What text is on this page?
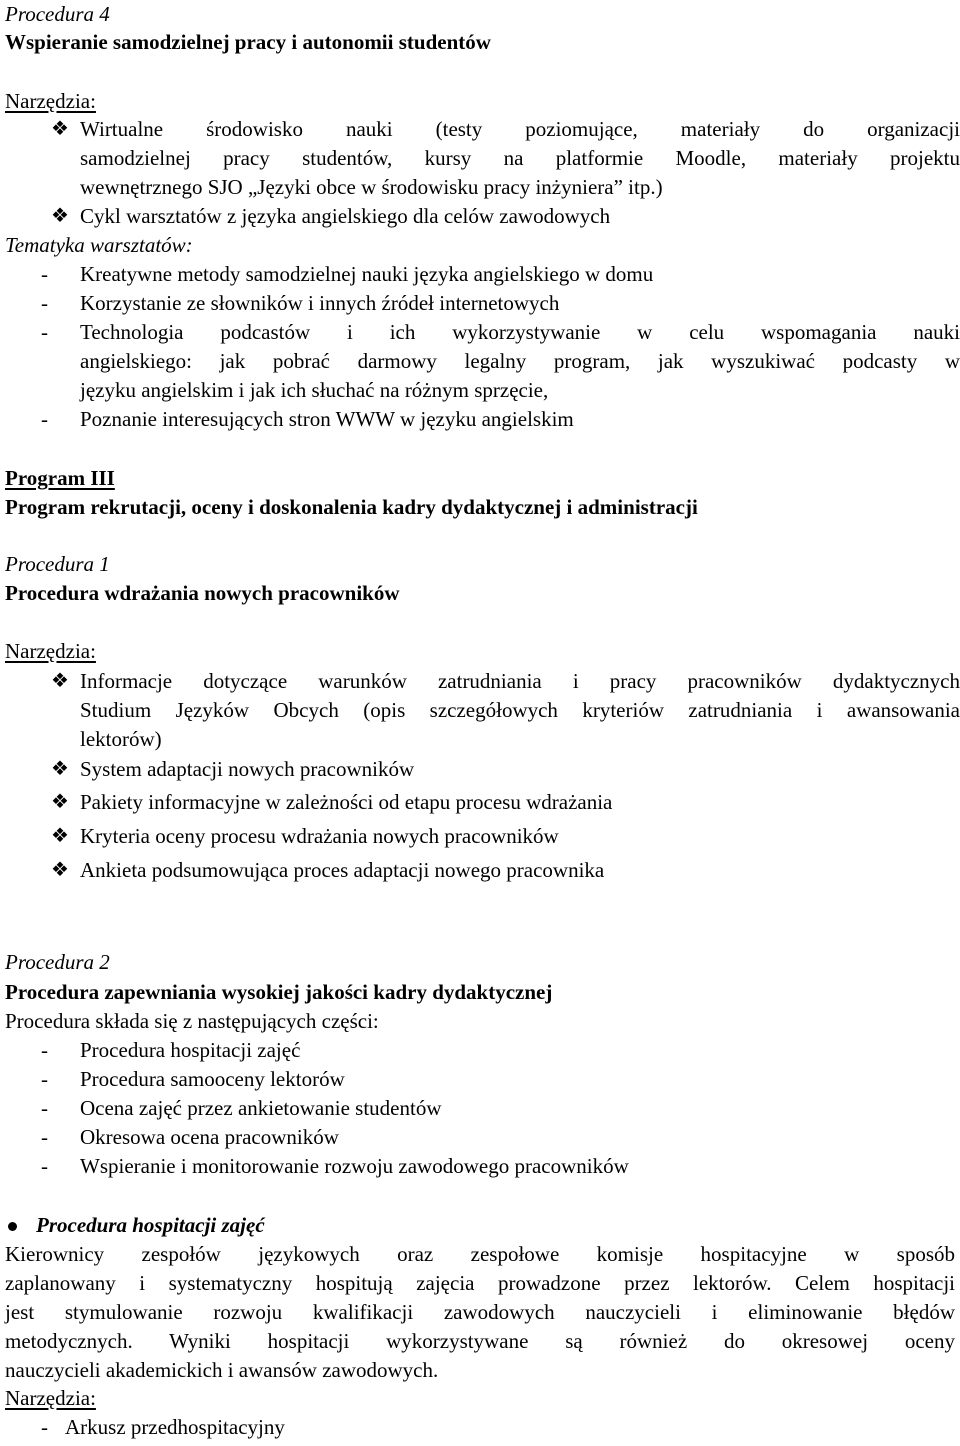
Procedura 4

Wspieranie samodzielnej pracy i autonomii studentów

Narzędzia:

❖ Wirtualne środowisko nauki (testy poziomujące, materiały do organizacji

samodzielnej pracy studentów, kursy na platformie Moodle, materiały projektu

wewnętrznego SJO „Języki obce w środowisku pracy inżyniera” itp.)

❖ Cykl warsztatów z języka angielskiego dla celów zawodowych

Tematyka warsztatów:

- Kreatywne metody samodzielnej nauki języka angielskiego w domu

- Korzystanie ze słowników i innych źródeł internetowych

- Technologia podcastów i ich wykorzystywanie w celu wspomagania nauki

angielskiego: jak pobrać darmowy legalny program, jak wyszukiwać podcasty w

języku angielskim i jak ich słuchać na różnym sprzęcie,

- Poznanie interesujących stron WWW w języku angielskim

Program III

Program rekrutacji, oceny i doskonalenia kadry dydaktycznej i administracji

Procedura 1

Procedura wdrażania nowych pracowników

Narzędzia:

❖ Informacje dotyczące warunków zatrudniania i pracy pracowników dydaktycznych

Studium Języków Obcych (opis szczegółowych kryteriów zatrudniania i awansowania

lektorów)

❖ System adaptacji nowych pracowników

❖ Pakiety informacyjne w zależności od etapu procesu wdrażania

❖ Kryteria oceny procesu wdrażania nowych pracowników

❖ Ankieta podsumowująca proces adaptacji nowego pracownika

Procedura 2

Procedura zapewniania wysokiej jakości kadry dydaktycznej

Procedura składa się z następujących części:

- Procedura hospitacji zajęć

- Procedura samooceny lektorów

- Ocena zajęć przez ankietowanie studentów

- Okresowa ocena pracowników

- Wspieranie i monitorowanie rozwoju zawodowego pracowników

Procedura hospitacji zajęć

Kierownicy zespołów językowych oraz zespołowe komisje hospitacyjne w sposób

zaplanowany i systematyczny hospitują zajęcia prowadzone przez lektorów. Celem hospitacji

jest stymulowanie rozwoju kwalifikacji zawodowych nauczycieli i eliminowanie błędów

metodycznych. Wyniki hospitacji wykorzystywane są również do okresowej oceny

nauczycieli akademickich i awansów zawodowych.

Narzędzia:

- Arkusz przedhospitacyjny
